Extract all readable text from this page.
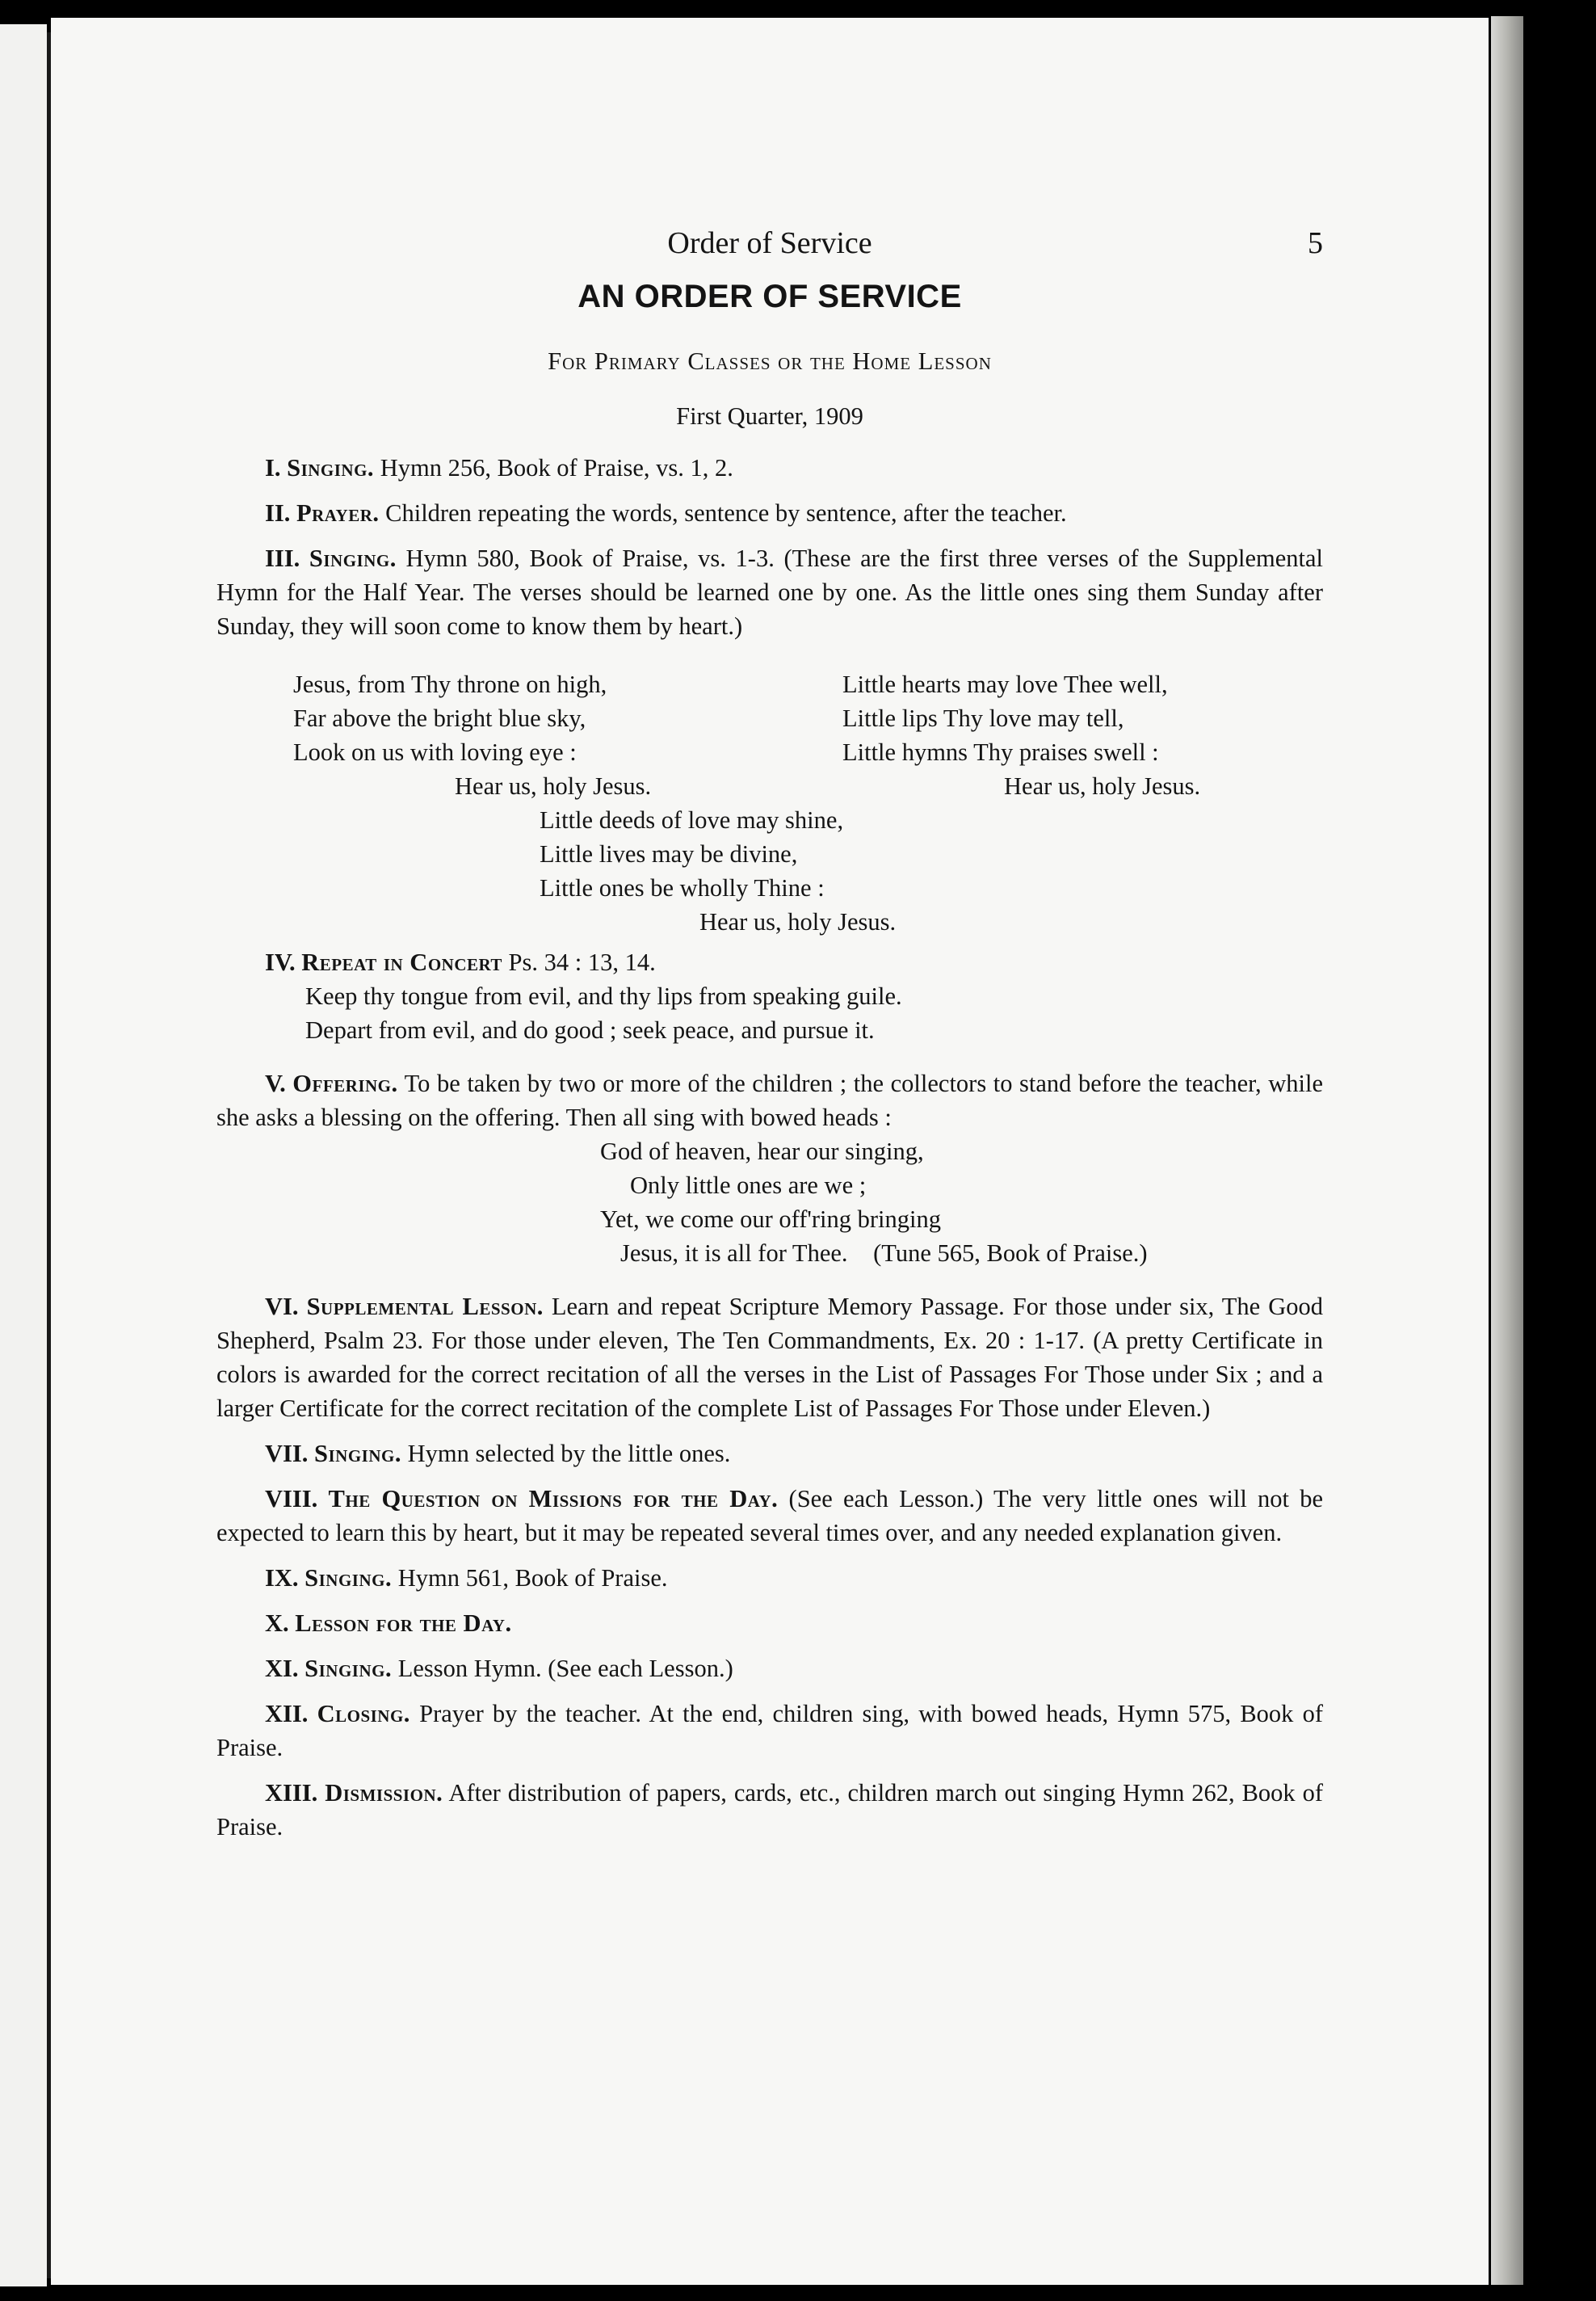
Order of Service	5
AN ORDER OF SERVICE
For Primary Classes or the Home Lesson
First Quarter, 1909
I. Singing. Hymn 256, Book of Praise, vs. 1, 2.
II. Prayer. Children repeating the words, sentence by sentence, after the teacher.
III. Singing. Hymn 580, Book of Praise, vs. 1-3. (These are the first three verses of the Supplemental Hymn for the Half Year. The verses should be learned one by one. As the little ones sing them Sunday after Sunday, they will soon come to know them by heart.)
Jesus, from Thy throne on high,
Far above the bright blue sky,
Look on us with loving eye :
Hear us, holy Jesus.
Little hearts may love Thee well,
Little lips Thy love may tell,
Little hymns Thy praises swell :
Hear us, holy Jesus.
Little deeds of love may shine,
Little lives may be divine,
Little ones be wholly Thine :
Hear us, holy Jesus.
IV. Repeat in Concert Ps. 34 : 13, 14.
Keep thy tongue from evil, and thy lips from speaking guile.
Depart from evil, and do good ; seek peace, and pursue it.
V. Offering. To be taken by two or more of the children ; the collectors to stand before the teacher, while she asks a blessing on the offering. Then all sing with bowed heads :
God of heaven, hear our singing,
Only little ones are we ;
Yet, we come our off'ring bringing
Jesus, it is all for Thee. (Tune 565, Book of Praise.)
VI. Supplemental Lesson. Learn and repeat Scripture Memory Passage. For those under six, The Good Shepherd, Psalm 23. For those under eleven, The Ten Commandments, Ex. 20 : 1-17. (A pretty Certificate in colors is awarded for the correct recitation of all the verses in the List of Passages For Those under Six ; and a larger Certificate for the correct recitation of the complete List of Passages For Those under Eleven.)
VII. Singing. Hymn selected by the little ones.
VIII. The Question on Missions for the Day. (See each Lesson.) The very little ones will not be expected to learn this by heart, but it may be repeated several times over, and any needed explanation given.
IX. Singing. Hymn 561, Book of Praise.
X. Lesson for the Day.
XI. Singing. Lesson Hymn. (See each Lesson.)
XII. Closing. Prayer by the teacher. At the end, children sing, with bowed heads, Hymn 575, Book of Praise.
XIII. Dismission. After distribution of papers, cards, etc., children march out singing Hymn 262, Book of Praise.
